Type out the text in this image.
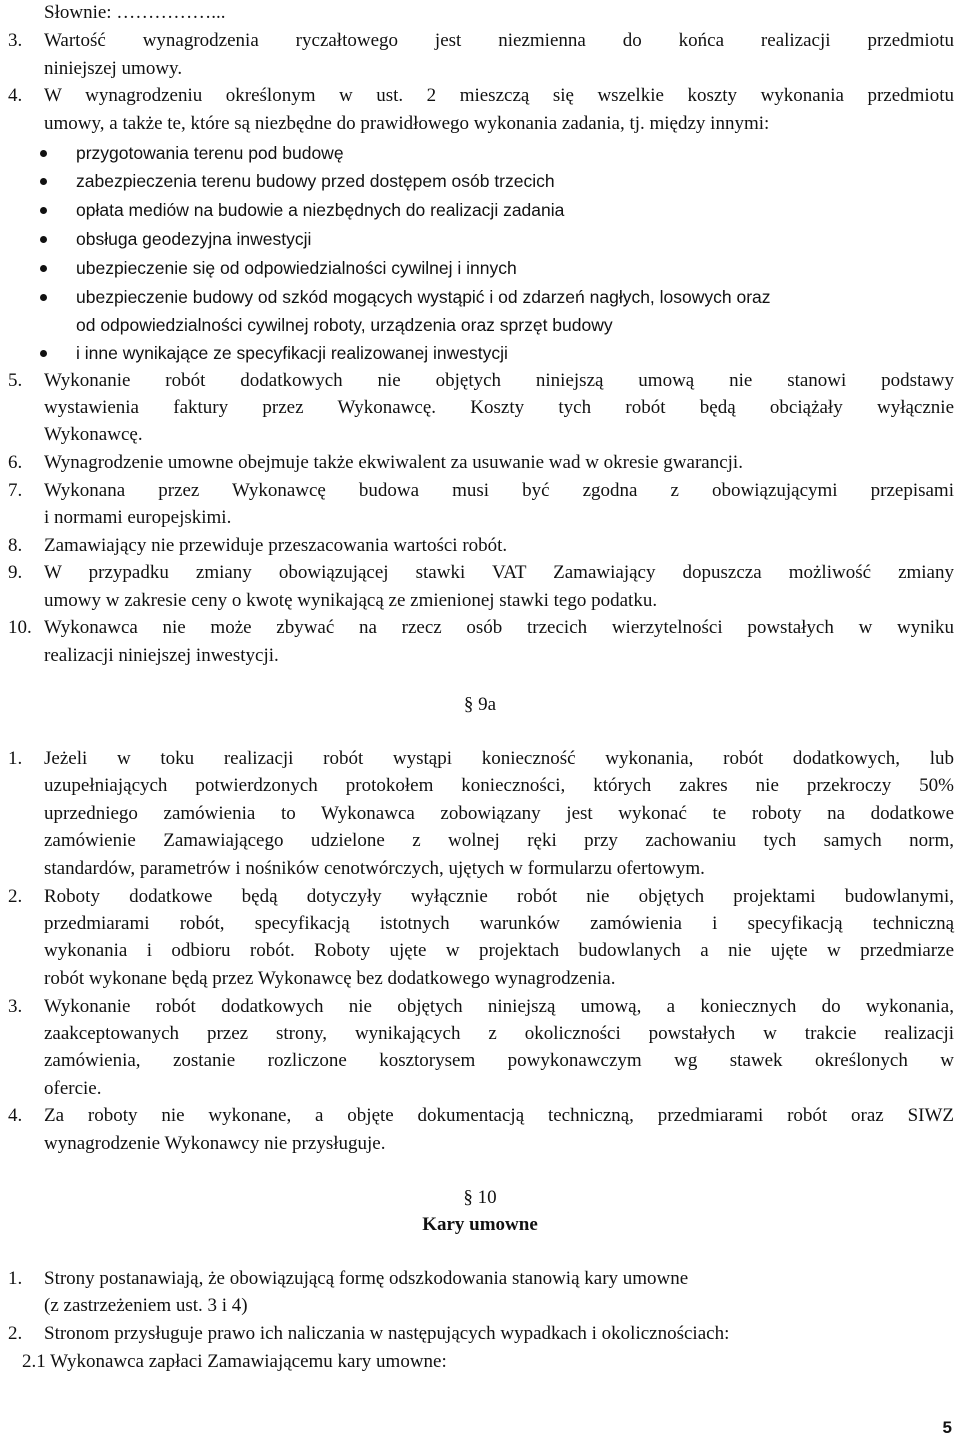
Słownie: ……………...
3. Wartość wynagrodzenia ryczałtowego jest niezmienna do końca realizacji przedmiotu
niniejszej umowy.
4. W wynagrodzeniu określonym w ust. 2 mieszczą się wszelkie koszty wykonania przedmiotu
umowy, a także te, które są niezbędne do prawidłowego wykonania zadania, tj. między innymi:
przygotowania terenu pod budowę
zabezpieczenia terenu budowy przed dostępem osób trzecich
opłata mediów na budowie a niezbędnych do realizacji zadania
obsługa geodezyjna inwestycji
ubezpieczenie się od odpowiedzialności cywilnej i innych
ubezpieczenie budowy od szkód mogących wystąpić i od zdarzeń nagłych, losowych oraz
od odpowiedzialności cywilnej roboty, urządzenia oraz sprzęt budowy
i inne wynikające ze specyfikacji realizowanej inwestycji
5. Wykonanie robót dodatkowych nie objętych niniejszą umową nie stanowi podstawy
wystawienia faktury przez Wykonawcę. Koszty tych robót będą obciążały wyłącznie
Wykonawcę.
6. Wynagrodzenie umowne obejmuje także ekwiwalent za usuwanie wad w okresie gwarancji.
7. Wykonana przez Wykonawcę budowa musi być zgodna z obowiązującymi przepisami
i normami europejskimi.
8. Zamawiający nie przewiduje przeszacowania wartości robót.
9. W przypadku zmiany obowiązującej stawki VAT Zamawiający dopuszcza możliwość zmiany
umowy w zakresie ceny o kwotę wynikającą ze zmienionej stawki tego podatku.
10. Wykonawca nie może zbywać na rzecz osób trzecich wierzytelności powstałych w wyniku
realizacji niniejszej inwestycji.
§ 9a
1. Jeżeli w toku realizacji robót wystąpi konieczność wykonania, robót dodatkowych, lub
uzupełniających potwierdzonych protokołem konieczności, których zakres nie przekroczy 50%
uprzedniego zamówienia to Wykonawca zobowiązany jest wykonać te roboty na dodatkowe
zamówienie Zamawiającego udzielone z wolnej ręki przy zachowaniu tych samych norm,
standardów, parametrów i nośników cenotwórczych, ujętych w formularzu ofertowym.
2. Roboty dodatkowe będą dotyczyły wyłącznie robót nie objętych projektami budowlanymi,
przedmiarami robót, specyfikacją istotnych warunków zamówienia i specyfikacją techniczną
wykonania i odbioru robót. Roboty ujęte w projektach budowlanych a nie ujęte w przedmiarze
robót wykonane będą przez Wykonawcę bez dodatkowego wynagrodzenia.
3. Wykonanie robót dodatkowych nie objętych niniejszą umową, a koniecznych do wykonania,
zaakceptowanych przez strony, wynikających z okoliczności powstałych w trakcie realizacji
zamówienia, zostanie rozliczone kosztorysem powykonawczym wg stawek określonych w
ofercie.
4. Za roboty nie wykonane, a objęte dokumentacją techniczną, przedmiarami robót oraz SIWZ
wynagrodzenie Wykonawcy nie przysługuje.
§ 10
Kary umowne
1. Strony postanawiają, że obowiązującą formę odszkodowania stanowią kary umowne
(z zastrzeżeniem ust. 3 i 4)
2. Stronom przysługuje prawo ich naliczania w następujących wypadkach i okolicznościach:
2.1 Wykonawca zapłaci Zamawiającemu kary umowne:
5
